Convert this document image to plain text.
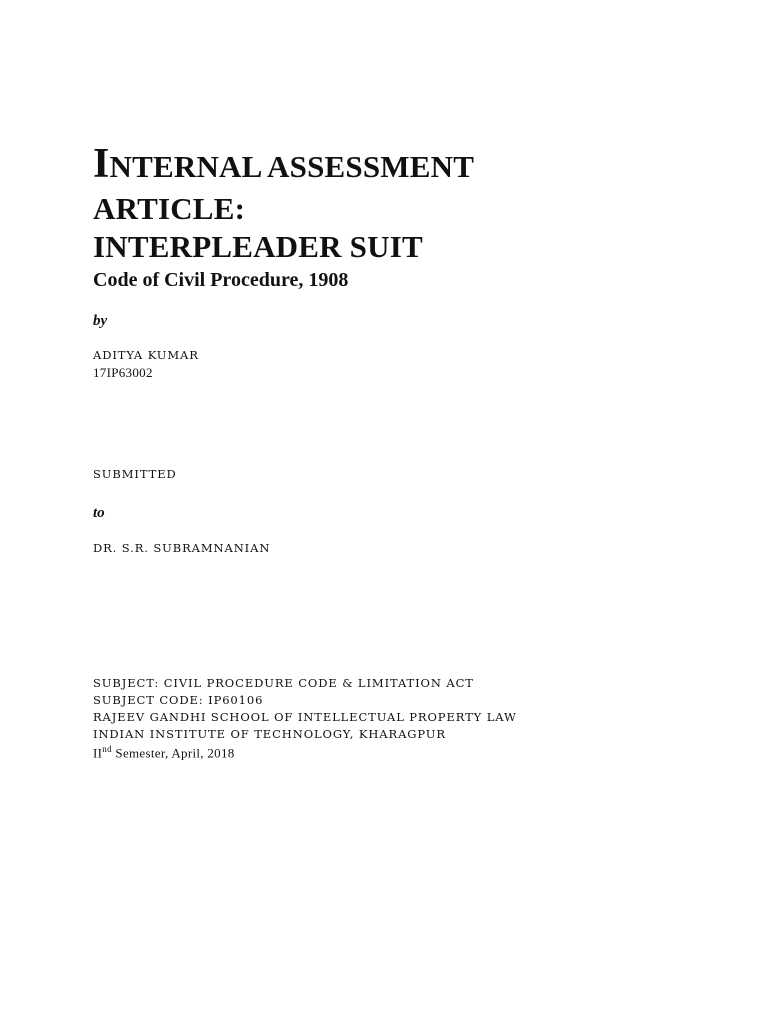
INTERNAL ASSESSMENT
ARTICLE:
INTERPLEADER SUIT
Code of Civil Procedure, 1908
by
ADITYA KUMAR
17IP63002
SUBMITTED
to
DR. S.R. SUBRAMNANIAN
SUBJECT: CIVIL PROCEDURE CODE & LIMITATION ACT
SUBJECT CODE: IP60106
RAJEEV GANDHI SCHOOL OF INTELLECTUAL PROPERTY LAW
INDIAN INSTITUTE OF TECHNOLOGY, KHARAGPUR
IInd Semester, April, 2018
